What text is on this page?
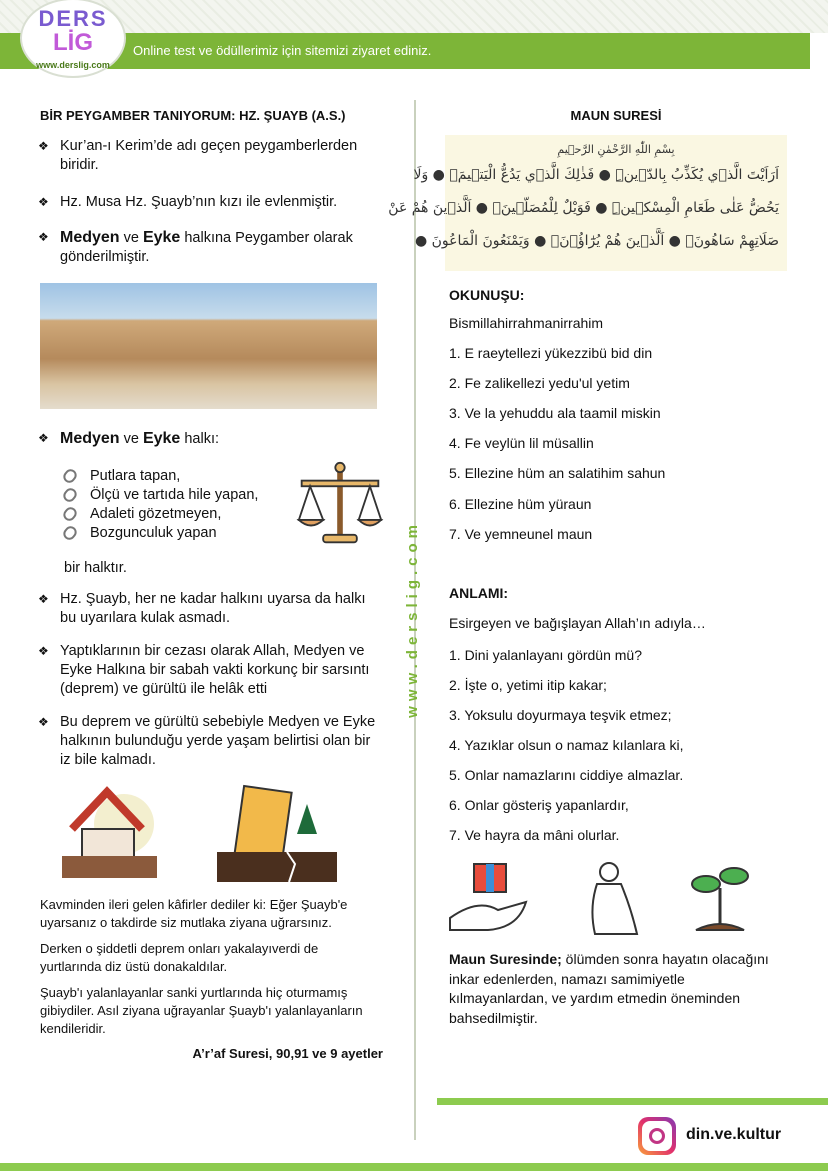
Online test ve ödüllerimiz için sitemizi ziyaret ediniz.
DERS
LİG
www.derslig.com
BİR PEYGAMBER TANIYORUM: HZ. ŞUAYB (A.S.)
❖ Kur’an-ı Kerim’de adı geçen peygamberlerden biridir.
❖ Hz. Musa Hz. Şuayb’nın kızı ile evlenmiştir.
❖ Medyen ve Eyke halkına Peygamber olarak gönderilmiştir.
❖ Medyen ve Eyke halkı:
Putlara tapan,
Ölçü ve tartıda hile yapan,
Adaleti gözetmeyen,
Bozgunculuk yapan
bir halktır.
❖ Hz. Şuayb, her ne kadar halkını uyarsa da halkı bu uyarılara kulak asmadı.
❖ Yaptıklarının bir cezası olarak Allah, Medyen ve Eyke Halkına bir sabah vakti korkunç bir sarsıntı (deprem) ve gürültü ile helâk etti
❖ Bu deprem ve gürültü sebebiyle Medyen ve Eyke halkının bulunduğu yerde yaşam belirtisi olan bir iz bile kalmadı.

Kavminden ileri gelen kâfirler dediler ki: Eğer Şuayb'e uyarsanız o takdirde siz mutlaka ziyana uğrarsınız.

Derken o şiddetli deprem onları yakalayıverdi de yurtlarında diz üstü donakaldılar.

Şuayb'ı yalanlayanlar sanki yurtlarında hiç oturmamış gibiydiler. Asıl ziyana uğrayanlar Şuayb'ı yalanlayanların kendileridir.

A’r’af Suresi, 90,91 ve 9 ayetler
www.derslig.com
MAUN SURESİ
بِسْمِ اللّٰهِ الرَّحْمٰنِ الرَّح۪يمِ
اَرَاَيْتَ الَّذ۪ي يُكَذِّبُ بِالدّ۪ينِۜ ● فَذٰلِكَ الَّذ۪ي يَدُعُّ الْيَت۪يمَۙ ● وَلَا
يَحُضُّ عَلٰى طَعَامِ الْمِسْك۪ينِۜ ● فَوَيْلٌ لِلْمُصَلّ۪ينَۙ ● اَلَّذ۪ينَ هُمْ عَنْ
صَلَاتِهِمْ سَاهُونَۙ ● اَلَّذ۪ينَ هُمْ يُرَٰٓاؤُ۫نَۙ ● وَيَمْنَعُونَ الْمَاعُونَ ●
OKUNUŞU:
Bismillahirrahmanirrahim
1. E raeytellezi yükezzibü bid din
2. Fe zalikellezi yedu'ul yetim
3. Ve la yehuddu ala taamil miskin
4. Fe veylün lil müsallin
5. Ellezine hüm an salatihim sahun
6. Ellezine hüm yüraun
7. Ve yemneunel maun
ANLAMI:
Esirgeyen ve bağışlayan Allah’ın adıyla…
1. Dini yalanlayanı gördün mü?
2. İşte o, yetimi itip kakar;
3. Yoksulu doyurmaya teşvik etmez;
4. Yazıklar olsun o namaz kılanlara ki,
5. Onlar namazlarını ciddiye almazlar.
6. Onlar gösteriş yapanlardır,
7. Ve hayra da mâni olurlar.
Maun Suresinde; ölümden sonra hayatın olacağını inkar edenlerden, namazı samimiyetle kılmayanlardan, ve yardım etmedin öneminden bahsedilmiştir.
din.ve.kultur
